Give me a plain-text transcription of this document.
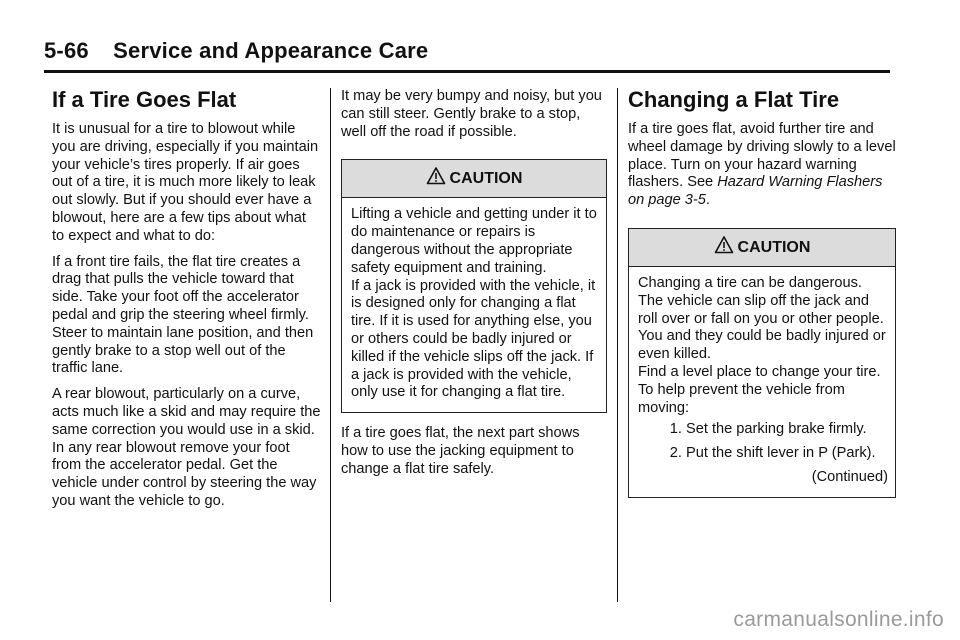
5-66 Service and Appearance Care
If a Tire Goes Flat

It is unusual for a tire to blowout while you are driving, especially if you maintain your vehicle’s tires properly. If air goes out of a tire, it is much more likely to leak out slowly. But if you should ever have a blowout, here are a few tips about what to expect and what to do:

If a front tire fails, the flat tire creates a drag that pulls the vehicle toward that side. Take your foot off the accelerator pedal and grip the steering wheel firmly. Steer to maintain lane position, and then gently brake to a stop well out of the traffic lane.

A rear blowout, particularly on a curve, acts much like a skid and may require the same correction you would use in a skid. In any rear blowout remove your foot from the accelerator pedal. Get the vehicle under control by steering the way you want the vehicle to go.

It may be very bumpy and noisy, but you can still steer. Gently brake to a stop, well off the road if possible.

CAUTION

Lifting a vehicle and getting under it to do maintenance or repairs is dangerous without the appropriate safety equipment and training.

If a jack is provided with the vehicle, it is designed only for changing a flat tire. If it is used for anything else, you or others could be badly injured or killed if the vehicle slips off the jack. If a jack is provided with the vehicle, only use it for changing a flat tire.

If a tire goes flat, the next part shows how to use the jacking equipment to change a flat tire safely.

Changing a Flat Tire

If a tire goes flat, avoid further tire and wheel damage by driving slowly to a level place. Turn on your hazard warning flashers. See Hazard Warning Flashers on page 3-5.

CAUTION

Changing a tire can be dangerous. The vehicle can slip off the jack and roll over or fall on you or other people. You and they could be badly injured or even killed.

Find a level place to change your tire. To help prevent the vehicle from moving:

1. Set the parking brake firmly.
2. Put the shift lever in P (Park).

(Continued)

carmanualsonline.info
